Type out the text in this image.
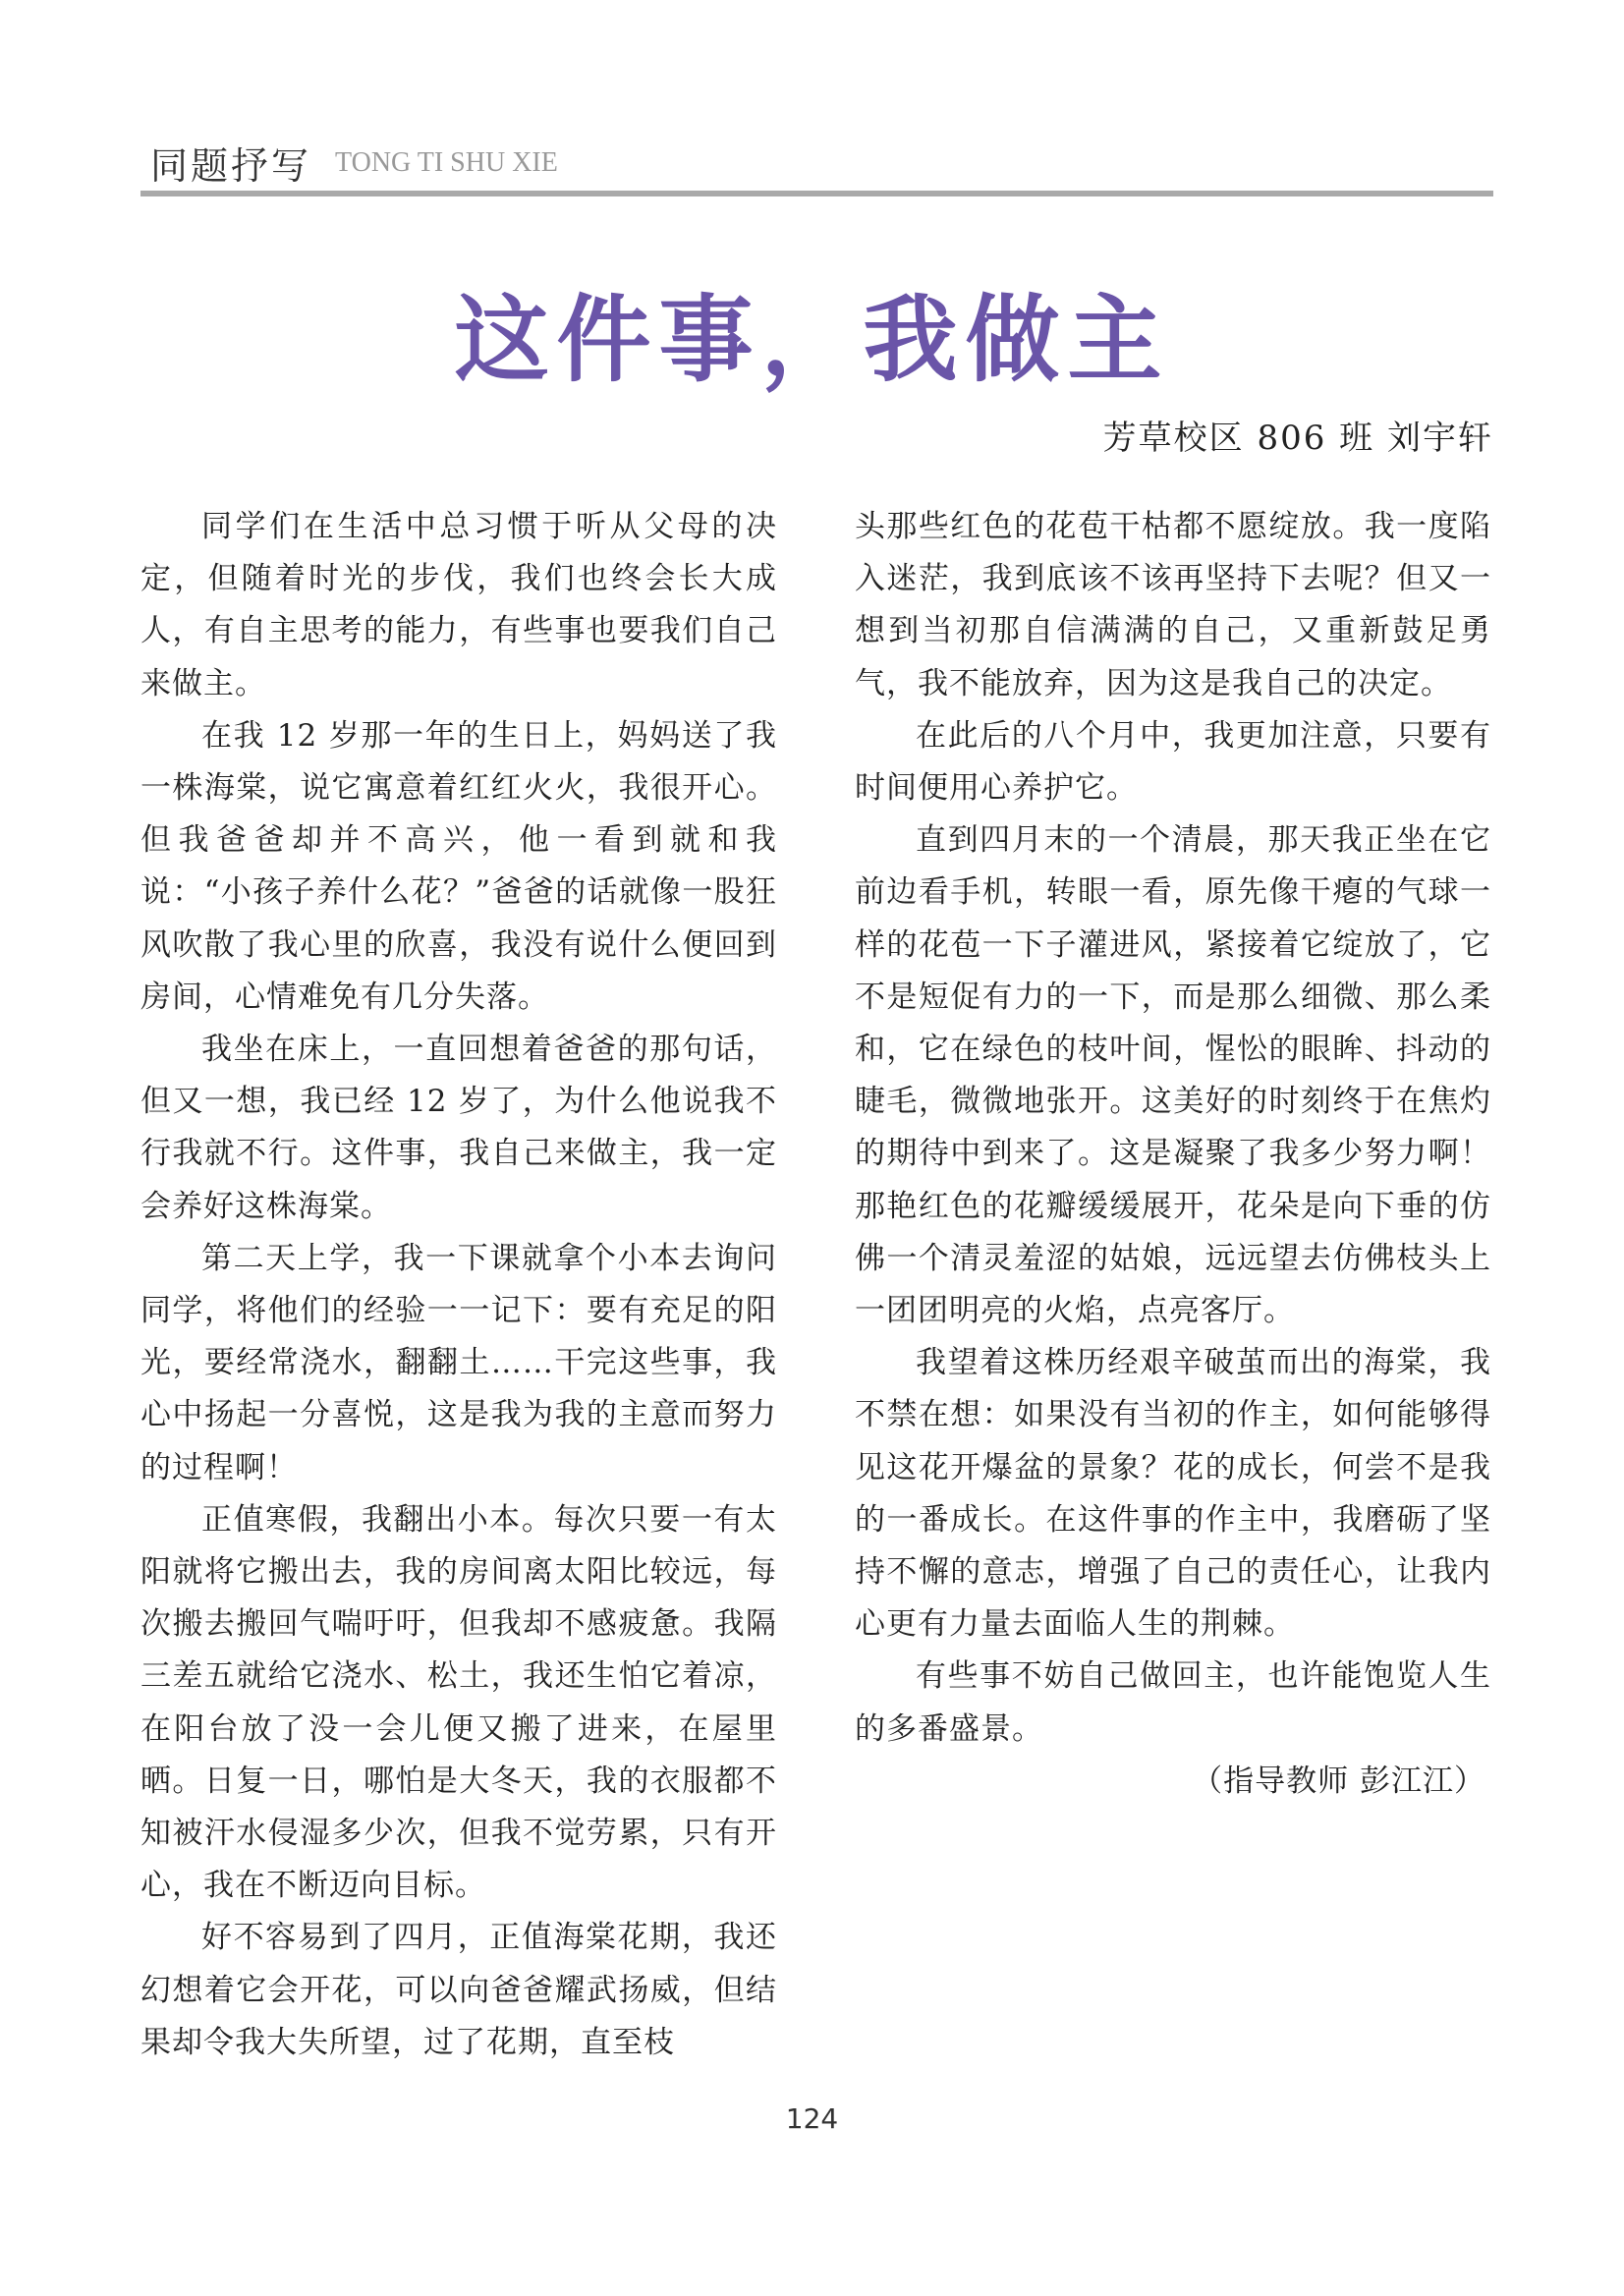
同题抒写 TONG TI SHU XIE
这件事，我做主
芳草校区 806 班 刘宇轩

同学们在生活中总习惯于听从父母的决定，但随着时光的步伐，我们也终会长大成人，有自主思考的能力，有些事也要我们自己来做主。

在我 12 岁那一年的生日上，妈妈送了我一株海棠，说它寓意着红红火火，我很开心。但我爸爸却并不高兴，他一看到就和我说：“小孩子养什么花？”爸爸的话就像一股狂风吹散了我心里的欣喜，我没有说什么便回到房间，心情难免有几分失落。

我坐在床上，一直回想着爸爸的那句话，但又一想，我已经 12 岁了，为什么他说我不行我就不行。这件事，我自己来做主，我一定会养好这株海棠。

第二天上学，我一下课就拿个小本去询问同学，将他们的经验一一记下：要有充足的阳光，要经常浇水，翻翻土……干完这些事，我心中扬起一分喜悦，这是我为我的主意而努力的过程啊！

正值寒假，我翻出小本。每次只要一有太阳就将它搬出去，我的房间离太阳比较远，每次搬去搬回气喘吁吁，但我却不感疲惫。我隔三差五就给它浇水、松土，我还生怕它着凉，在阳台放了没一会儿便又搬了进来，在屋里晒。日复一日，哪怕是大冬天，我的衣服都不知被汗水侵湿多少次，但我不觉劳累，只有开心，我在不断迈向目标。

好不容易到了四月，正值海棠花期，我还幻想着它会开花，可以向爸爸耀武扬威，但结果却令我大失所望，过了花期，直至枝

头那些红色的花苞干枯都不愿绽放。我一度陷入迷茫，我到底该不该再坚持下去呢？但又一想到当初那自信满满的自己，又重新鼓足勇气，我不能放弃，因为这是我自己的决定。

在此后的八个月中，我更加注意，只要有时间便用心养护它。

直到四月末的一个清晨，那天我正坐在它前边看手机，转眼一看，原先像干瘪的气球一样的花苞一下子灌进风，紧接着它绽放了，它不是短促有力的一下，而是那么细微、那么柔和，它在绿色的枝叶间，惺忪的眼眸、抖动的睫毛，微微地张开。这美好的时刻终于在焦灼的期待中到来了。这是凝聚了我多少努力啊！那艳红色的花瓣缓缓展开，花朵是向下垂的仿佛一个清灵羞涩的姑娘，远远望去仿佛枝头上一团团明亮的火焰，点亮客厅。

我望着这株历经艰辛破茧而出的海棠，我不禁在想：如果没有当初的作主，如何能够得见这花开爆盆的景象？花的成长，何尝不是我的一番成长。在这件事的作主中，我磨砺了坚持不懈的意志，增强了自己的责任心，让我内心更有力量去面临人生的荆棘。

有些事不妨自己做回主，也许能饱览人生的多番盛景。

（指导教师 彭江江）

124
